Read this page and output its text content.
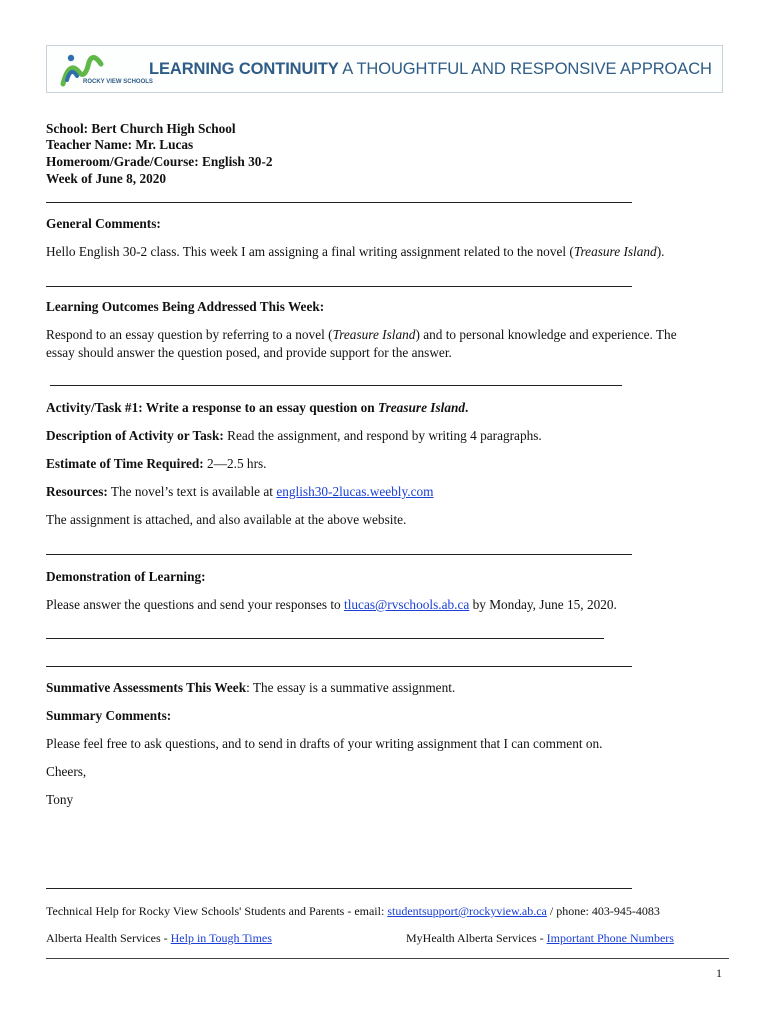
ROCKY VIEW SCHOOLS
LEARNING CONTINUITY A THOUGHTFUL AND RESPONSIVE APPROACH
School: Bert Church High School
Teacher Name: Mr. Lucas
Homeroom/Grade/Course: English 30-2
Week of June 8, 2020
General Comments:
Hello English 30-2 class. This week I am assigning a final writing assignment related to the novel (Treasure Island).
Learning Outcomes Being Addressed This Week:
Respond to an essay question by referring to a novel (Treasure Island) and to personal knowledge and experience. The
essay should answer the question posed, and provide support for the answer.
Activity/Task #1: Write a response to an essay question on Treasure Island.
Description of Activity or Task: Read the assignment, and respond by writing 4 paragraphs.
Estimate of Time Required: 2—2.5 hrs.
Resources: The novel’s text is available at english30-2lucas.weebly.com
The assignment is attached, and also available at the above website.
Demonstration of Learning:
Please answer the questions and send your responses to tlucas@rvschools.ab.ca by Monday, June 15, 2020.
Summative Assessments This Week: The essay is a summative assignment.
Summary Comments:
Please feel free to ask questions, and to send in drafts of your writing assignment that I can comment on.
Cheers,
Tony
Technical Help for Rocky View Schools' Students and Parents - email: studentsupport@rockyview.ab.ca / phone: 403-945-4083
Alberta Health Services - Help in Tough Times	MyHealth Alberta Services - Important Phone Numbers
1
